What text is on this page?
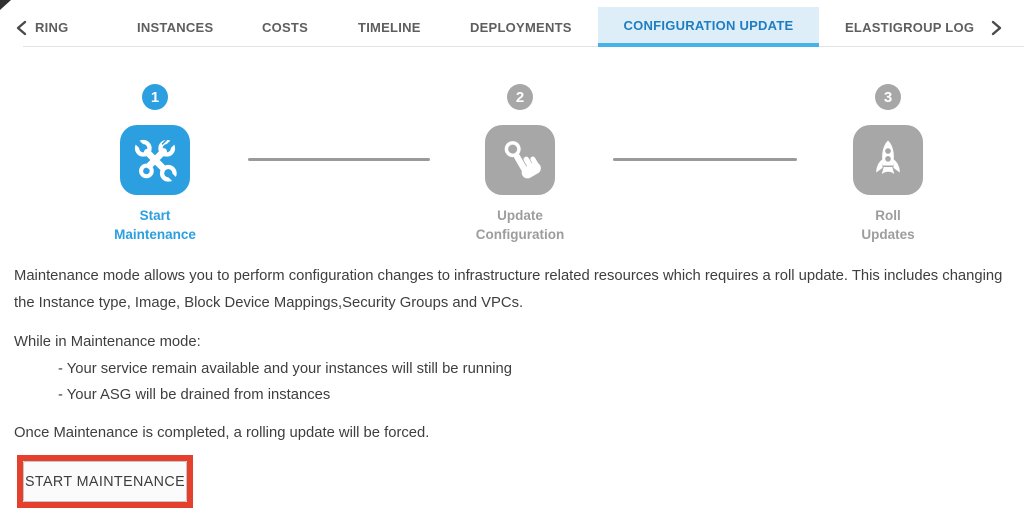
RING	INSTANCES	COSTS	TIMELINE	DEPLOYMENTS	CONFIGURATION UPDATE	ELASTIGROUP LOG
1
Start
Maintenance
2
Update
Configuration
3
Roll
Updates
Maintenance mode allows you to perform configuration changes to infrastructure related resources which requires a roll update. This includes changing
the Instance type, Image, Block Device Mappings,Security Groups and VPCs.
While in Maintenance mode:
- Your service remain available and your instances will still be running
- Your ASG will be drained from instances
Once Maintenance is completed, a rolling update will be forced.
START MAINTENANCE
